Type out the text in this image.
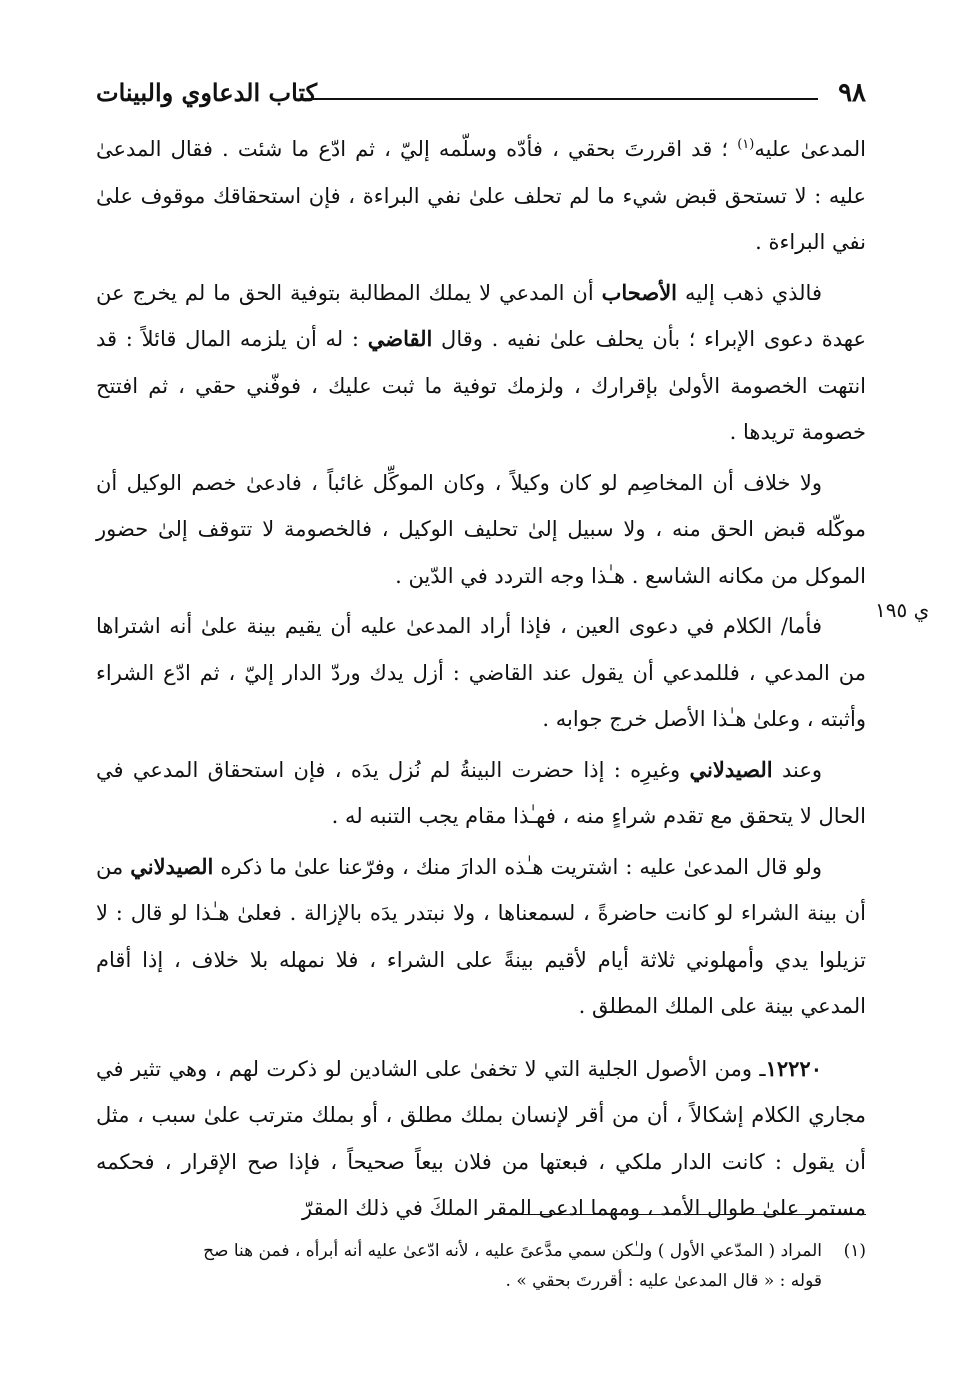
٩٨
كتاب الدعاوي والبينات

المدعىٰ عليه$^{(١)}$ ؛ قد اقررتَ بحقي ، فأدّه وسلّمه إليّ ، ثم ادّع ما شئت . فقال المدعىٰ عليه : لا تستحق قبض شيء ما لم تحلف علىٰ نفي البراءة ، فإن استحقاقك موقوف علىٰ نفي البراءة .

فالذي ذهب إليه الأصحاب أن المدعي لا يملك المطالبة بتوفية الحق ما لم يخرج عن عهدة دعوى الإبراء ؛ بأن يحلف علىٰ نفيه . وقال القاضي : له أن يلزمه المال قائلاً : قد انتهت الخصومة الأولىٰ بإقرارك ، ولزمك توفية ما ثبت عليك ، فوفّني حقي ، ثم افتتح خصومة تريدها .

ولا خلاف أن المخاصِم لو كان وكيلاً ، وكان الموكِّل غائباً ، فادعىٰ خصم الوكيل أن موكّله قبض الحق منه ، ولا سبيل إلىٰ تحليف الوكيل ، فالخصومة لا تتوقف إلىٰ حضور الموكل من مكانه الشاسع . هـٰذا وجه التردد في الدّين .

فأما/ الكلام في دعوى العين ، فإذا أراد المدعىٰ عليه أن يقيم بينة علىٰ أنه اشتراها من المدعي ، فللمدعي أن يقول عند القاضي : أزل يدك وردّ الدار إليّ ، ثم ادّع الشراء وأثبته ، وعلىٰ هـٰذا الأصل خرج جوابه .

وعند الصيدلاني وغيرِه : إذا حضرت البينةُ لم نُزل يدَه ، فإن استحقاق المدعي في الحال لا يتحقق مع تقدم شراءٍ منه ، فهـٰذا مقام يجب التنبه له .

ولو قال المدعىٰ عليه : اشتريت هـٰذه الدارَ منك ، وفرّعنا علىٰ ما ذكره الصيدلاني من أن بينة الشراء لو كانت حاضرةً ، لسمعناها ، ولا نبتدر يدَه بالإزالة . فعلىٰ هـٰذا لو قال : لا تزيلوا يدي وأمهلوني ثلاثة أيام لأقيم بينةً على الشراء ، فلا نمهله بلا خلاف ، إذا أقام المدعي بينة على الملك المطلق .

١٢٢٢٠ـ ومن الأصول الجلية التي لا تخفىٰ على الشادين لو ذكرت لهم ، وهي تثير في مجاري الكلام إشكالاً ، أن من أقر لإنسان بملك مطلق ، أو بملك مترتب علىٰ سبب ، مثل أن يقول : كانت الدار ملكي ، فبعتها من فلان بيعاً صحيحاً ، فإذا صح الإقرار ، فحكمه مستمر علىٰ طوال الأمد ، ومهما ادعى المقر الملكَ في ذلك المقرّ

ي ١٩٥
(١)المراد ( المدّعي الأول ) ولـٰكن سمي مدَّعىً عليه ، لأنه ادّعىٰ عليه أنه أبرأه ، فمن هنا صح
قوله : « قال المدعىٰ عليه : أقررتَ بحقي » .
